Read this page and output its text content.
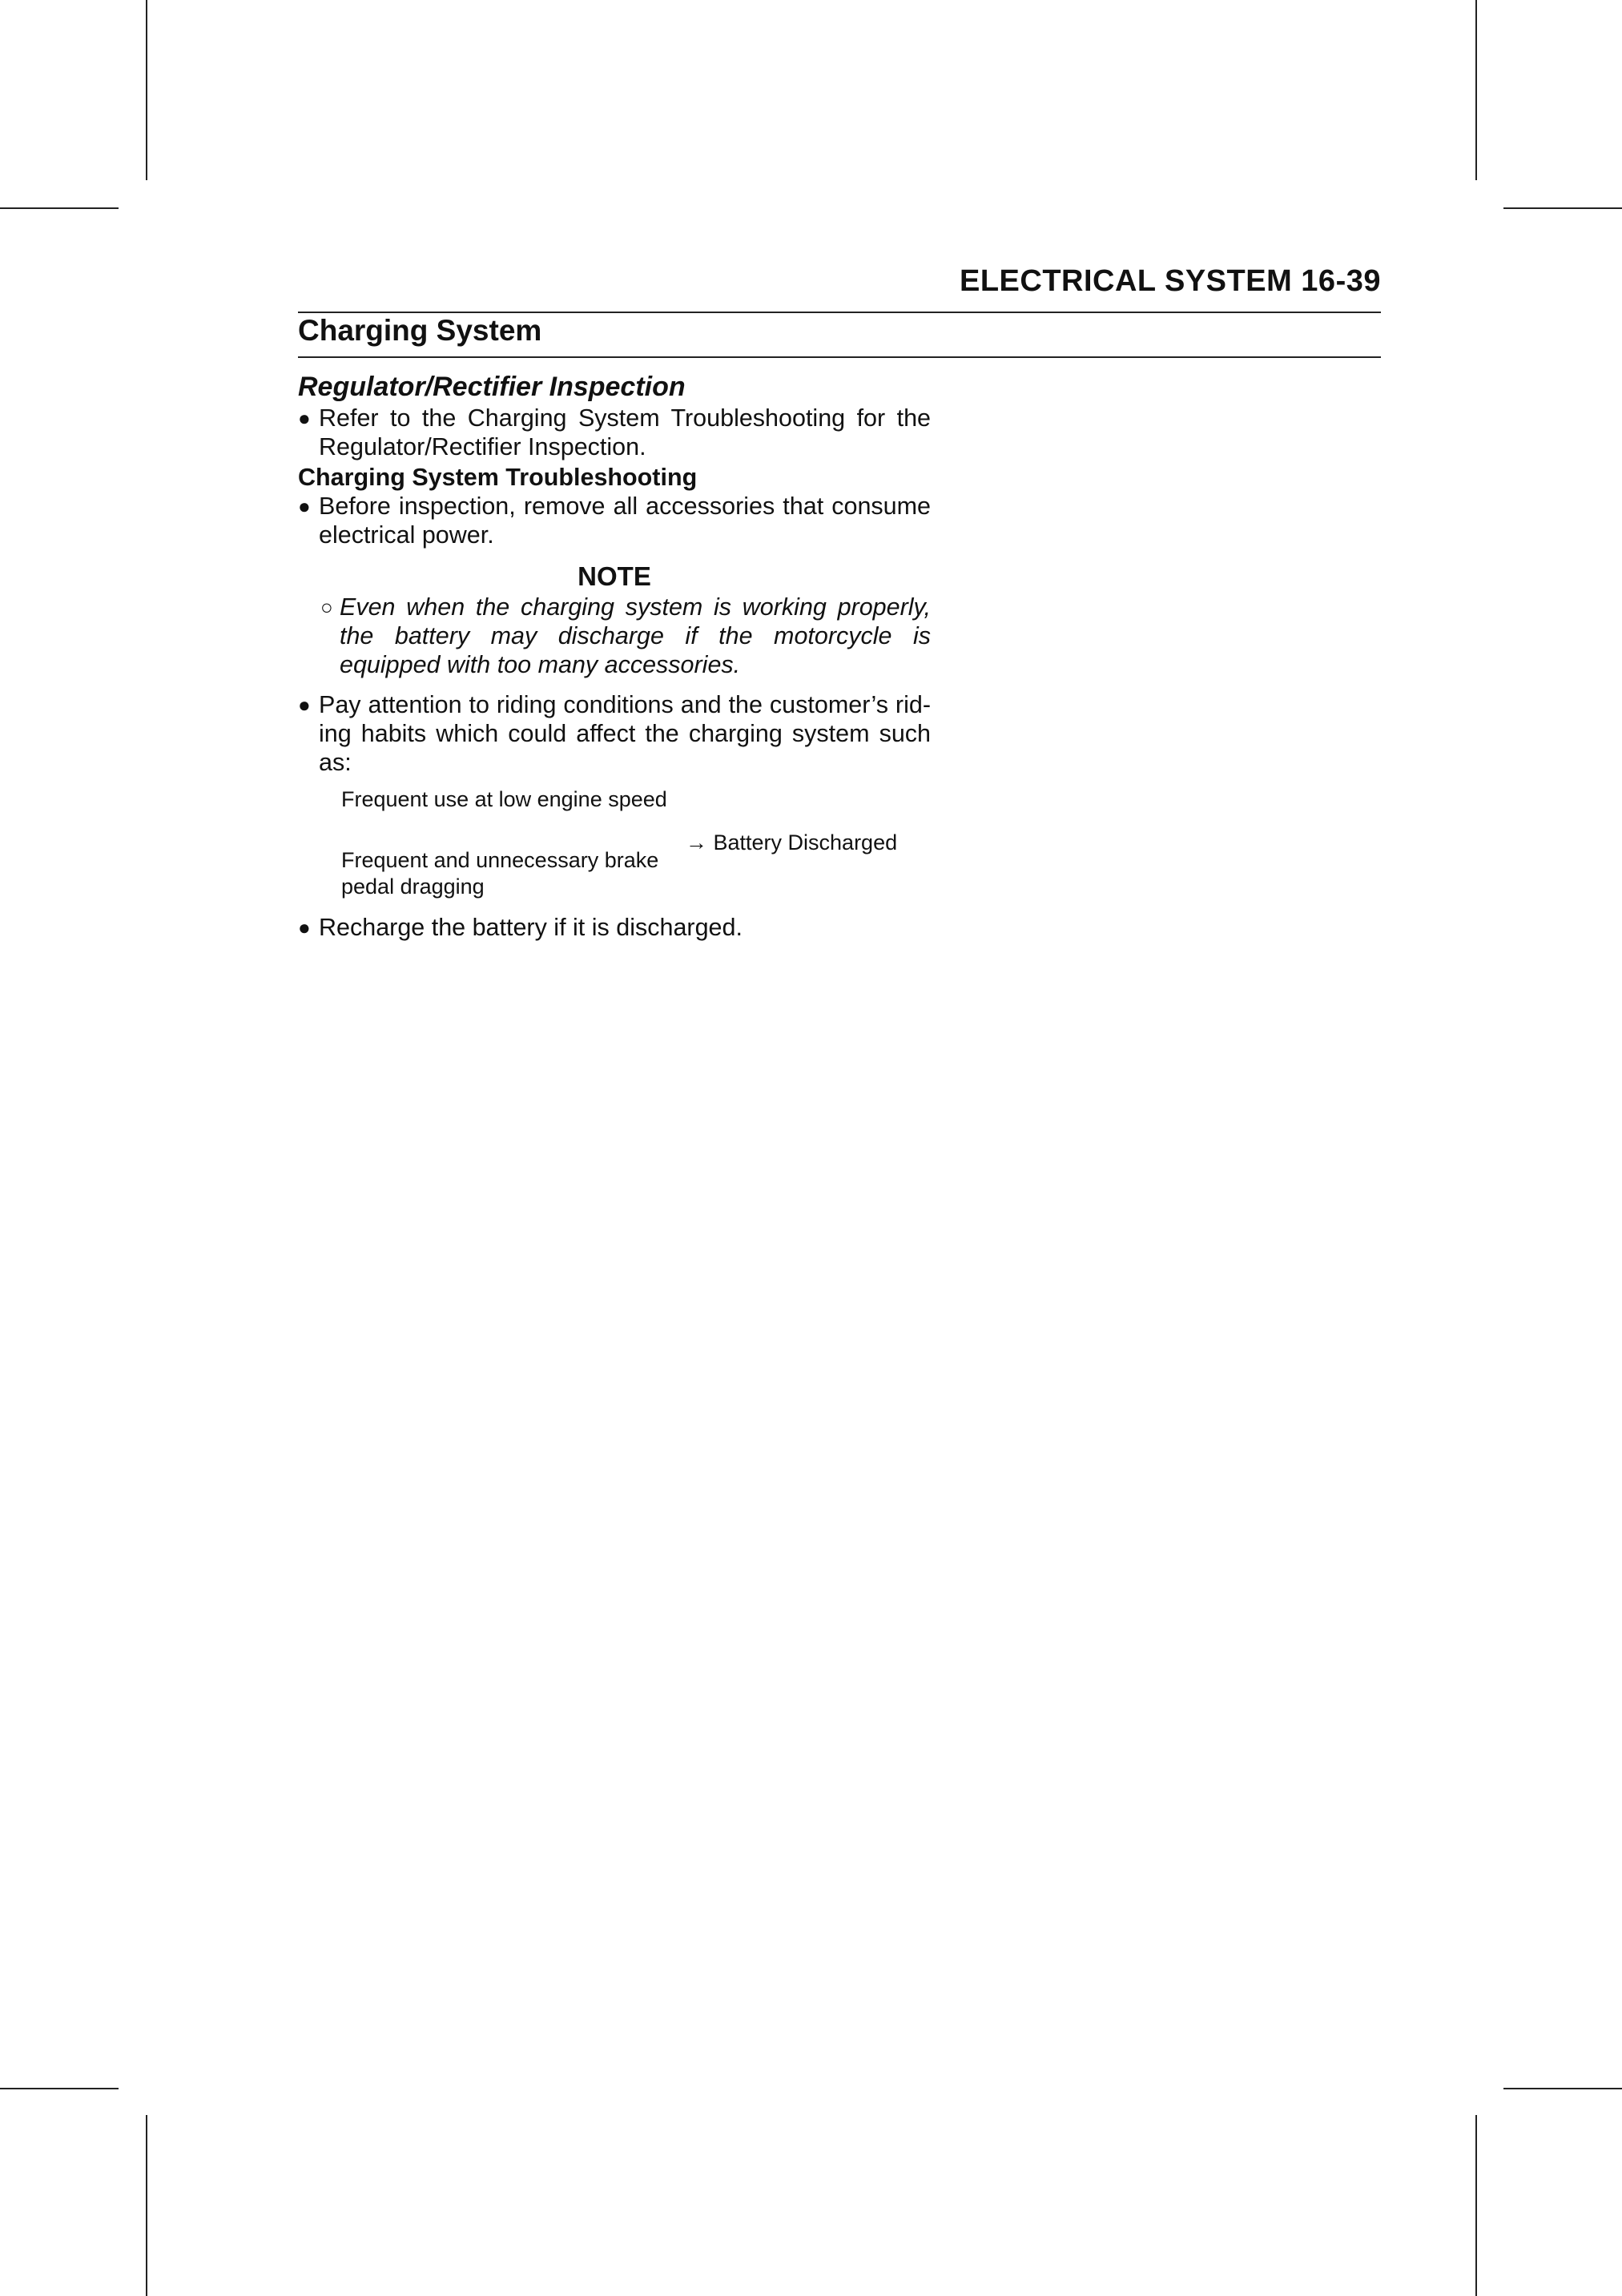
ELECTRICAL SYSTEM 16-39
Charging System
Regulator/Rectifier Inspection
● Refer to the Charging System Troubleshooting for the Regulator/Rectifier Inspection.
Charging System Troubleshooting
● Before inspection, remove all accessories that consume electrical power.
NOTE
○ Even when the charging system is working properly, the battery may discharge if the motorcycle is equipped with too many accessories.
● Pay attention to riding conditions and the customer’s riding habits which could affect the charging system such as:
Frequent use at low engine speed
Frequent and unnecessary brake pedal dragging
→ Battery Discharged
● Recharge the battery if it is discharged.
